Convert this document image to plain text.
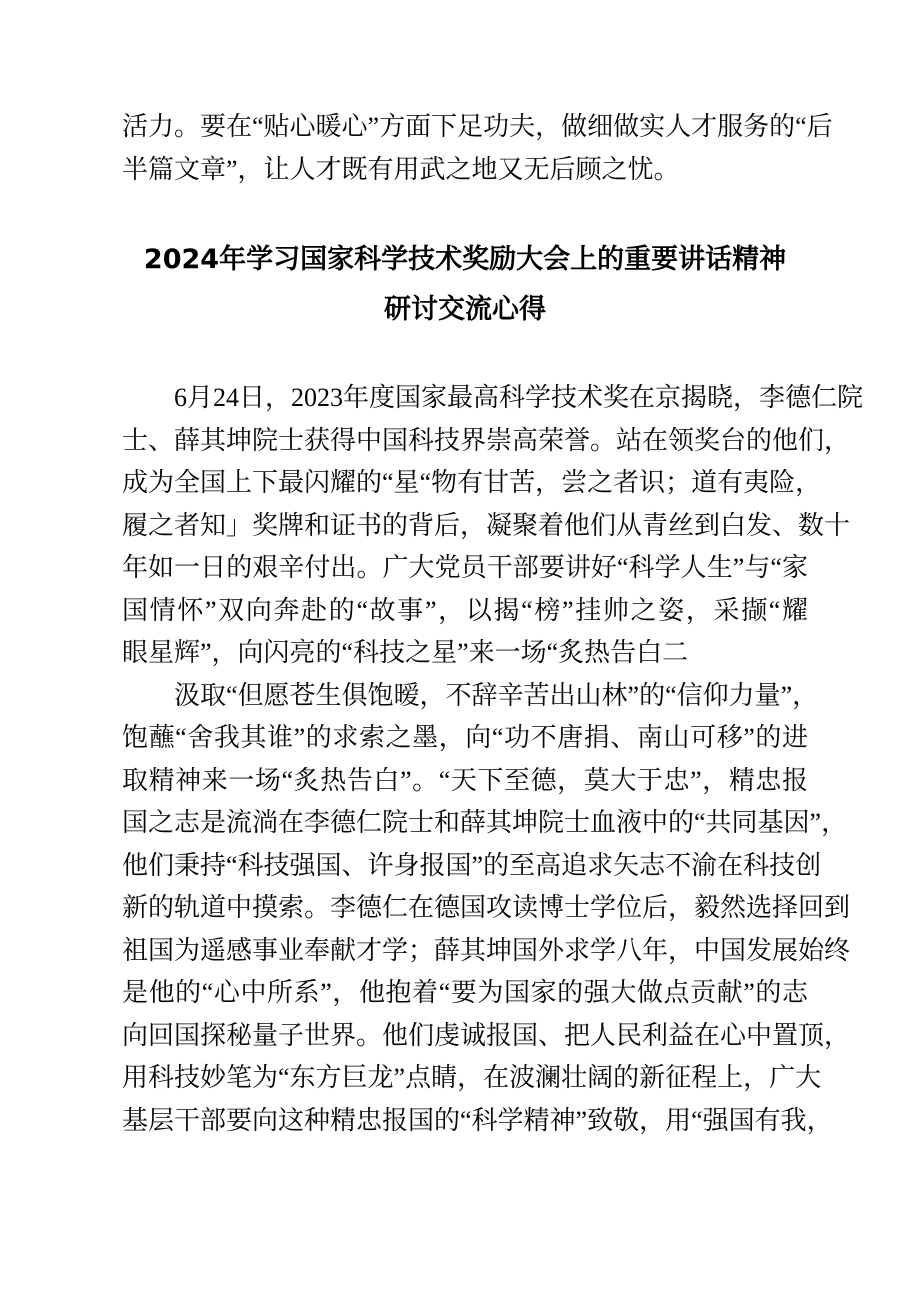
活力。要在“贴心暖心”方面下足功夫，做细做实人才服务的“后
半篇文章”，让人才既有用武之地又无后顾之忧。
2024年学习国家科学技术奖励大会上的重要讲话精神
研讨交流心得
6月24日，2023年度国家最高科学技术奖在京揭晓，李德仁院
士、薛其坤院士获得中国科技界崇高荣誉。站在领奖台的他们，
成为全国上下最闪耀的“星“物有甘苦，尝之者识；道有夷险，
履之者知」奖牌和证书的背后，凝聚着他们从青丝到白发、数十
年如一日的艰辛付出。广大党员干部要讲好“科学人生”与“家
国情怀”双向奔赴的“故事”，以揭“榜”挂帅之姿，采撷“耀
眼星辉”，向闪亮的“科技之星”来一场“炙热告白二
汲取“但愿苍生俱饱暧，不辞辛苦出山林”的“信仰力量”，
饱蘸“舍我其谁”的求索之墨，向“功不唐捐、南山可移”的进
取精神来一场“炙热告白”。“天下至德，莫大于忠”，精忠报
国之志是流淌在李德仁院士和薛其坤院士血液中的“共同基因”，
他们秉持“科技强国、许身报国”的至高追求矢志不渝在科技创
新的轨道中摸索。李德仁在德国攻读博士学位后，毅然选择回到
祖国为遥感事业奉献才学；薛其坤国外求学八年，中国发展始终
是他的“心中所系”，他抱着“要为国家的强大做点贡献”的志
向回国探秘量子世界。他们虔诚报国、把人民利益在心中置顶，
用科技妙笔为“东方巨龙”点睛，在波澜壮阔的新征程上，广大
基层干部要向这种精忠报国的“科学精神”致敬，用“强国有我，
